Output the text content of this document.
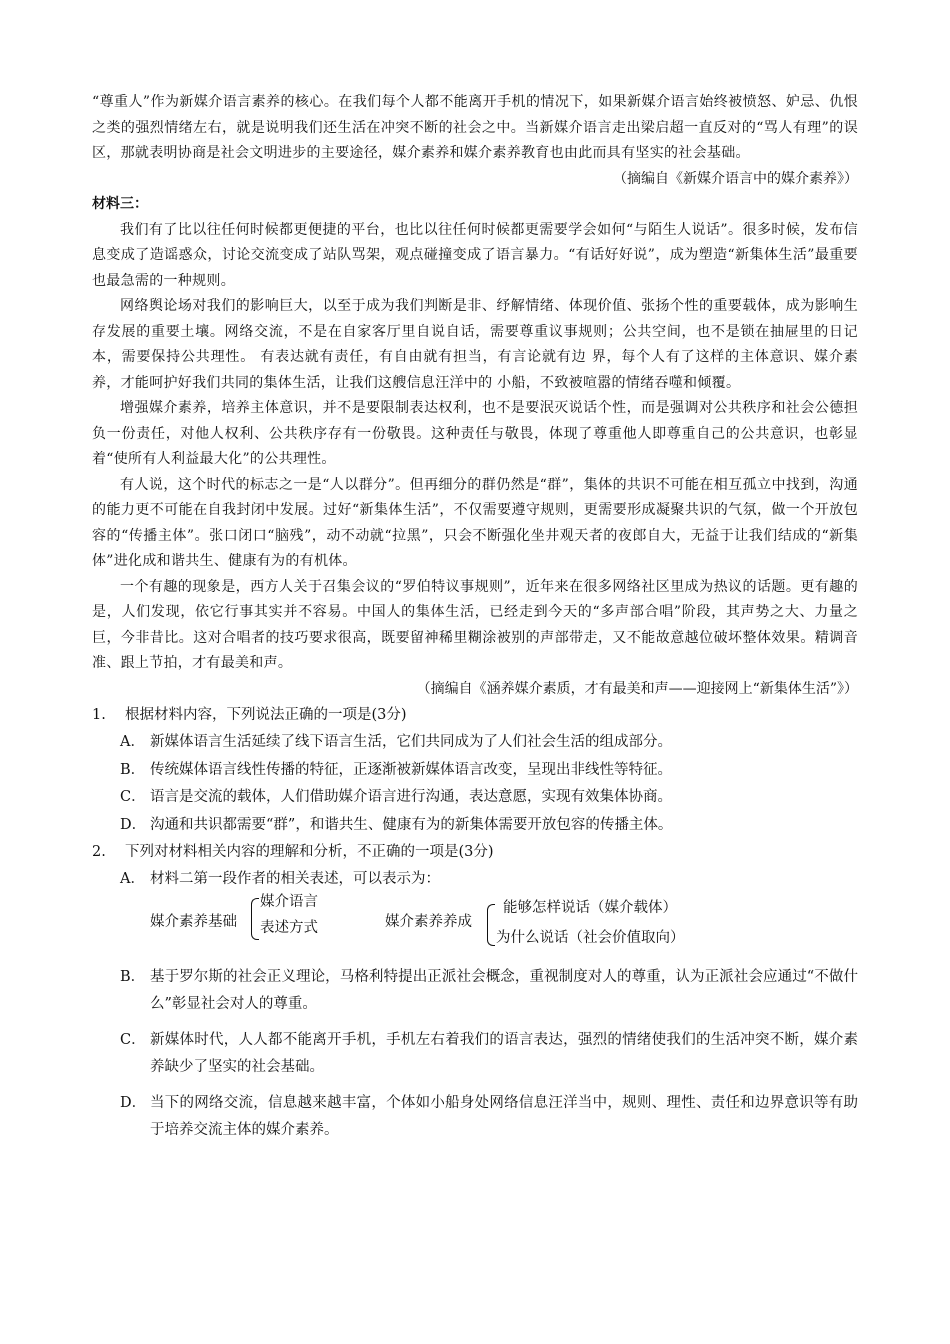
“尊重人”作为新媒介语言素养的核心。在我们每个人都不能离开手机的情况下，如果新媒介语言始终被愤怒、妒忌、仇恨之类的强烈情绪左右，就是说明我们还生活在冲突不断的社会之中。当新媒介语言走出梁启超一直反对的“骂人有理”的误区，那就表明协商是社会文明进步的主要途径，媒介素养和媒介素养教育也由此而具有坚实的社会基础。

（摘编自《新媒介语言中的媒介素养》）

材料三：

我们有了比以往任何时候都更便捷的平台，也比以往任何时候都更需要学会如何“与陌生人说话”。很多时候，发布信息变成了造谣惑众，讨论交流变成了站队骂架，观点碰撞变成了语言暴力。“有话好好说”，成为塑造“新集体生活”最重要也最急需的一种规则。

网络舆论场对我们的影响巨大，以至于成为我们判断是非、纾解情绪、体现价值、张扬个性的重要载体，成为影响生存发展的重要土壤。网络交流，不是在自家客厅里自说自话，需要尊重议事规则；公共空间，也不是锁在抽屉里的日记本，需要保持公共理性。 有表达就有责任，有自由就有担当，有言论就有边 界，每个人有了这样的主体意识、媒介素养，才能呵护好我们共同的集体生活，让我们这艘信息汪洋中的 小船，不致被喧嚣的情绪吞噬和倾覆。

增强媒介素养，培养主体意识，并不是要限制表达权利，也不是要泯灭说话个性，而是强调对公共秩序和社会公德担负一份责任，对他人权利、公共秩序存有一份敬畏。这种责任与敬畏，体现了尊重他人即尊重自己的公共意识，也彰显着“使所有人利益最大化”的公共理性。

有人说，这个时代的标志之一是“人以群分”。但再细分的群仍然是“群”，集体的共识不可能在相互孤立中找到，沟通的能力更不可能在自我封闭中发展。过好“新集体生活”，不仅需要遵守规则，更需要形成凝聚共识的气氛，做一个开放包容的“传播主体”。张口闭口“脑残”，动不动就“拉黑”，只会不断强化坐井观天者的夜郎自大，无益于让我们结成的“新集体”进化成和谐共生、健康有为的有机体。

一个有趣的现象是，西方人关于召集会议的“罗伯特议事规则”，近年来在很多网络社区里成为热议的话题。更有趣的是，人们发现，依它行事其实并不容易。中国人的集体生活，已经走到今天的“多声部合唱”阶段，其声势之大、力量之巨，今非昔比。这对合唱者的技巧要求很高，既要留神稀里糊涂被别的声部带走，又不能故意越位破坏整体效果。精调音准、跟上节拍，才有最美和声。

（摘编自《涵养媒介素质，才有最美和声——迎接网上“新集体生活”》）

1.	根据材料内容，下列说法正确的一项是(3分)
A． 新媒体语言生活延续了线下语言生活，它们共同成为了人们社会生活的组成部分。
B． 传统媒体语言线性传播的特征，正逐渐被新媒体语言改变，呈现出非线性等特征。
C． 语言是交流的载体，人们借助媒介语言进行沟通，表达意愿，实现有效集体协商。
D． 沟通和共识都需要“群”，和谐共生、健康有为的新集体需要开放包容的传播主体。
2.	下列对材料相关内容的理解和分析，不正确的一项是(3分)
A． 材料二第一段作者的相关表述，可以表示为：
媒介素养基础
媒介语言
表述方式	媒介素养养成
能够怎样说话（媒介载体）
为什么说话（社会价值取向）
B． 基于罗尔斯的社会正义理论，马格利特提出正派社会概念，重视制度对人的尊重，认为正派社会应通过“不做什么”彰显社会对人的尊重。
C． 新媒体时代，人人都不能离开手机，手机左右着我们的语言表达，强烈的情绪使我们的生活冲突不断，媒介素养缺少了坚实的社会基础。
D． 当下的网络交流，信息越来越丰富，个体如小船身处网络信息汪洋当中，规则、理性、责任和边界意识等有助于培养交流主体的媒介素养。
